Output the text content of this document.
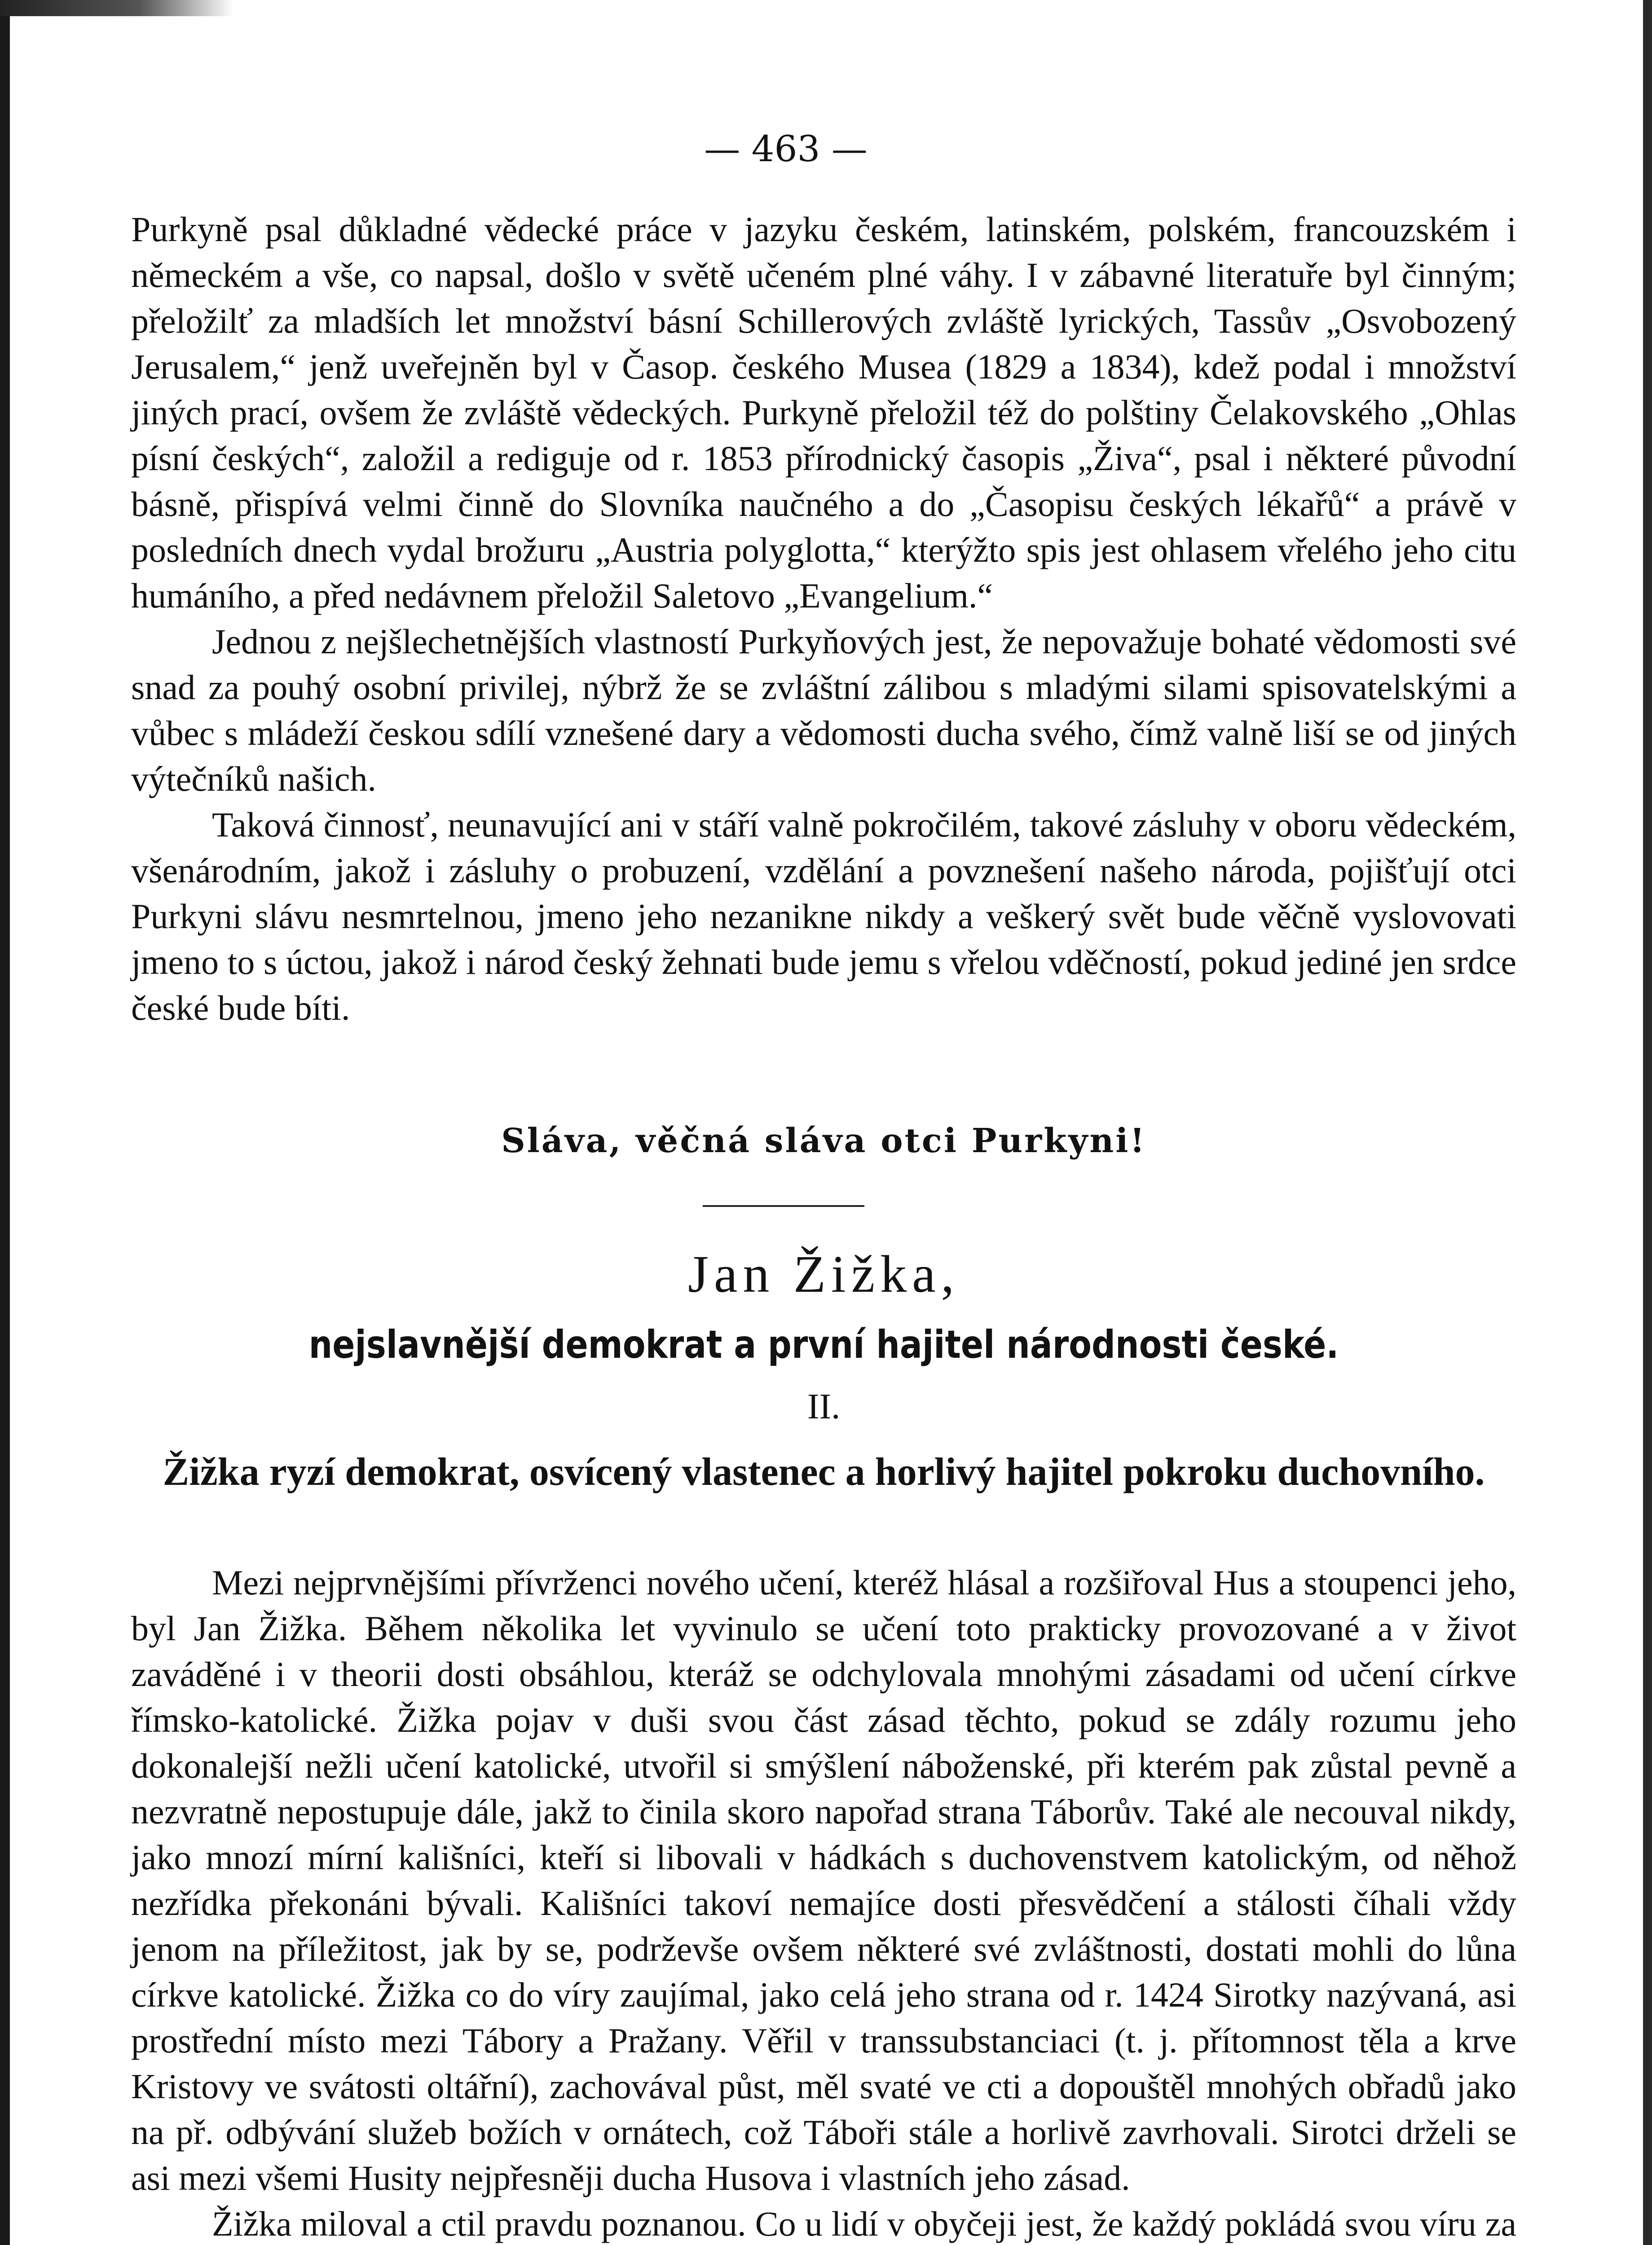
— 463 —

Purkyně psal důkladné vědecké práce v jazyku českém, latinském, polském, francouzském i německém a vše, co napsal, došlo v světě učeném plné váhy. I v zábavné literatuře byl činným; přeložilť za mladších let množství básní Schillerových zvláště lyrických, Tassův „Osvobozený Jerusalem,“ jenž uveřejněn byl v Časop. českého Musea (1829 a 1834), kdež podal i množství jiných prací, ovšem že zvláště vědeckých. Purkyně přeložil též do polštiny Čelakovského „Ohlas písní českých“, založil a rediguje od r. 1853 přírodnický časopis „Živa“, psal i některé původní básně, přispívá velmi činně do Slovníka naučného a do „Časopisu českých lékařů“ a právě v posledních dnech vydal brožuru „Austria polyglotta,“ kterýžto spis jest ohlasem vřelého jeho citu humáního, a před nedávnem přeložil Saletovo „Evangelium.“

Jednou z nejšlechetnějších vlastností Purkyňových jest, že nepovažuje bohaté vědomosti své snad za pouhý osobní privilej, nýbrž že se zvláštní zálibou s mladými silami spisovatelskými a vůbec s mládeží českou sdílí vznešené dary a vědomosti ducha svého, čímž valně liší se od jiných výtečníků našich.

Taková činnosť, neunavující ani v stáří valně pokročilém, takové zásluhy v oboru vědeckém, všenárodním, jakož i zásluhy o probuzení, vzdělání a povznešení našeho národa, pojišťují otci Purkyni slávu nesmrtelnou, jmeno jeho nezanikne nikdy a veškerý svět bude věčně vyslovovati jmeno to s úctou, jakož i národ český žehnati bude jemu s vřelou vděčností, pokud jediné jen srdce české bude bíti.

Sláva, věčná sláva otci Purkyni!
Jan Žižka,
nejslavnější demokrat a první hajitel národnosti české.
II.
Žižka ryzí demokrat, osvícený vlastenec a horlivý hajitel pokroku duchovního.

Mezi nejprvnějšími přívrženci nového učení, kteréž hlásal a rozšiřoval Hus a stoupenci jeho, byl Jan Žižka. Během několika let vyvinulo se učení toto prakticky provozované a v život zaváděné i v theorii dosti obsáhlou, kteráž se odchylovala mnohými zásadami od učení církve římsko-katolické. Žižka pojav v duši svou část zásad těchto, pokud se zdály rozumu jeho dokonalejší nežli učení katolické, utvořil si smýšlení náboženské, při kterém pak zůstal pevně a nezvratně nepostupuje dále, jakž to činila skoro napořad strana Táborův. Také ale necouval nikdy, jako mnozí mírní kališníci, kteří si libovali v hádkách s duchovenstvem katolickým, od něhož nezřídka překonáni bývali. Kališníci takoví nemajíce dosti přesvědčení a stálosti číhali vždy jenom na příležitost, jak by se, podrževše ovšem některé své zvláštnosti, dostati mohli do lůna církve katolické. Žižka co do víry zaujímal, jako celá jeho strana od r. 1424 Sirotky nazývaná, asi prostřední místo mezi Tábory a Pražany. Věřil v transsubstanciaci (t. j. přítomnost těla a krve Kristovy ve svátosti oltářní), zachovával půst, měl svaté ve cti a dopouštěl mnohých obřadů jako na př. odbývání služeb božích v ornátech, což Táboři stále a horlivě zavrhovali. Sirotci drželi se asi mezi všemi Husity nejpřesněji ducha Husova i vlastních jeho zásad.

Žižka miloval a ctil pravdu poznanou. Co u lidí v obyčeji jest, že každý pokládá svou víru za
